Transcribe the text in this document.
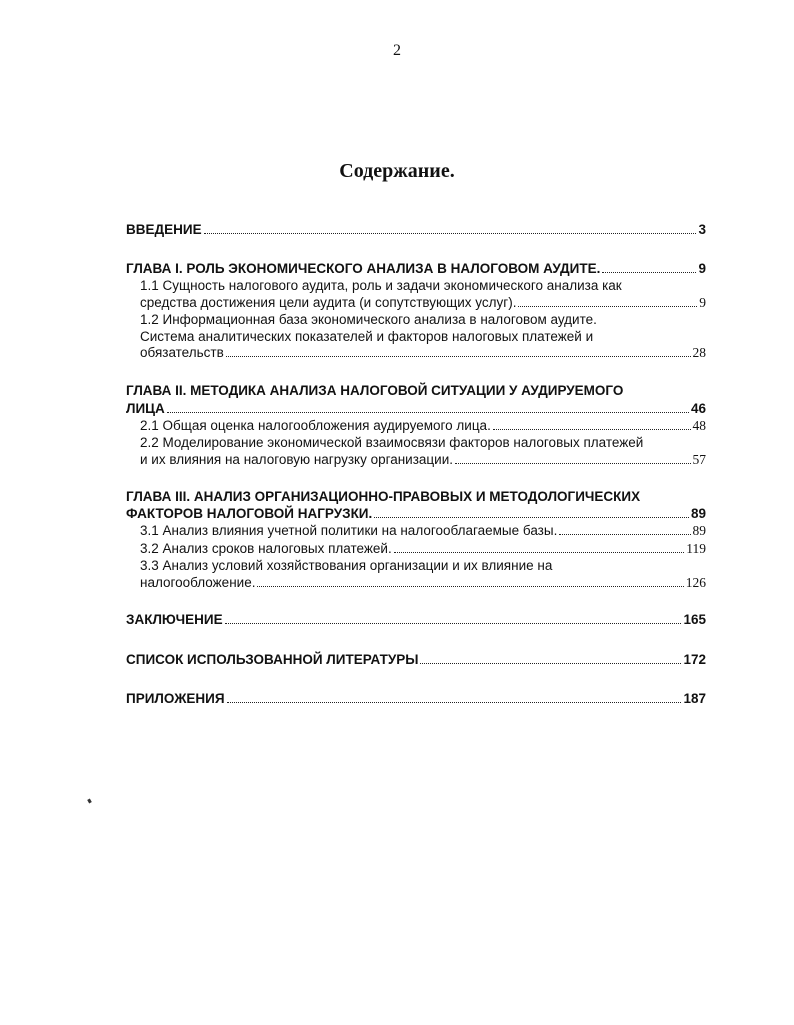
2
Содержание.
ВВЕДЕНИЕ	3
ГЛАВА I. РОЛЬ ЭКОНОМИЧЕСКОГО АНАЛИЗА В НАЛОГОВОМ АУДИТЕ.	9
1.1 Сущность налогового аудита, роль и задачи экономического анализа как
средства достижения цели аудита (и сопутствующих услуг).	9
1.2 Информационная база экономического анализа в налоговом аудите.
Система аналитических показателей и факторов налоговых платежей и
обязательств	28
ГЛАВА II. МЕТОДИКА АНАЛИЗА НАЛОГОВОЙ СИТУАЦИИ У АУДИРУЕМОГО
ЛИЦА	46
2.1 Общая оценка налогообложения аудируемого лица.	48
2.2 Моделирование экономической взаимосвязи факторов налоговых платежей
и их влияния на налоговую нагрузку организации.	57
ГЛАВА III. АНАЛИЗ ОРГАНИЗАЦИОННО-ПРАВОВЫХ И МЕТОДОЛОГИЧЕСКИХ
ФАКТОРОВ НАЛОГОВОЙ НАГРУЗКИ.	89
3.1 Анализ влияния учетной политики на налогооблагаемые базы.	89
3.2 Анализ сроков налоговых платежей.	119
3.3 Анализ условий хозяйствования организации и их влияние на
налогообложение.	126
ЗАКЛЮЧЕНИЕ	165
СПИСОК ИСПОЛЬЗОВАННОЙ ЛИТЕРАТУРЫ	172
ПРИЛОЖЕНИЯ	187
